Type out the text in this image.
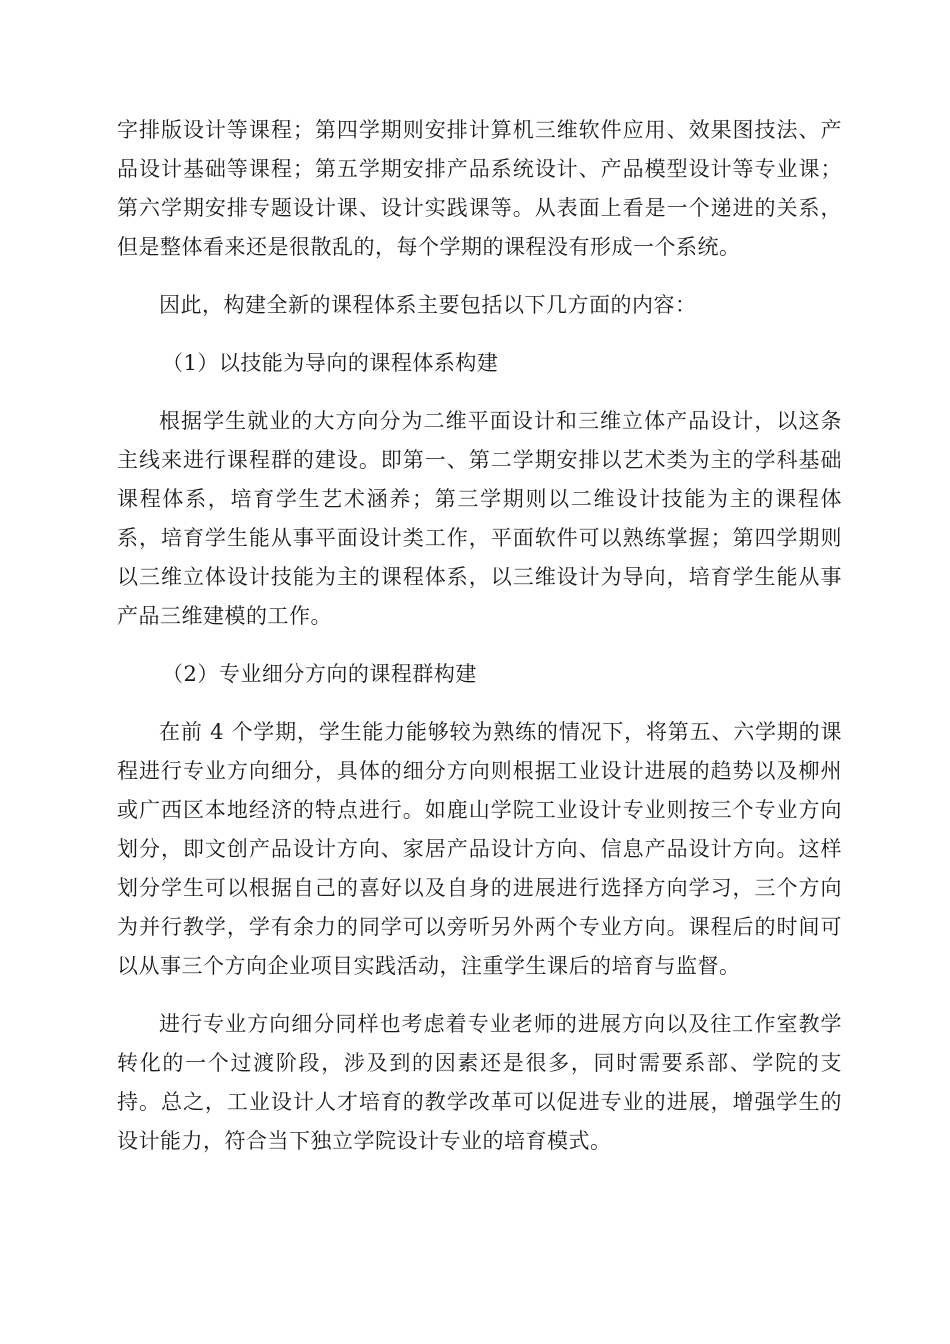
字排版设计等课程；第四学期则安排计算机三维软件应用、效果图技法、产品设计基础等课程；第五学期安排产品系统设计、产品模型设计等专业课；第六学期安排专题设计课、设计实践课等。从表面上看是一个递进的关系，但是整体看来还是很散乱的，每个学期的课程没有形成一个系统。

因此，构建全新的课程体系主要包括以下几方面的内容：

（1）以技能为导向的课程体系构建

根据学生就业的大方向分为二维平面设计和三维立体产品设计，以这条主线来进行课程群的建设。即第一、第二学期安排以艺术类为主的学科基础课程体系，培育学生艺术涵养；第三学期则以二维设计技能为主的课程体系，培育学生能从事平面设计类工作，平面软件可以熟练掌握；第四学期则以三维立体设计技能为主的课程体系，以三维设计为导向，培育学生能从事产品三维建模的工作。

（2）专业细分方向的课程群构建

在前 4 个学期，学生能力能够较为熟练的情况下，将第五、六学期的课程进行专业方向细分，具体的细分方向则根据工业设计进展的趋势以及柳州或广西区本地经济的特点进行。如鹿山学院工业设计专业则按三个专业方向划分，即文创产品设计方向、家居产品设计方向、信息产品设计方向。这样划分学生可以根据自己的喜好以及自身的进展进行选择方向学习，三个方向为并行教学，学有余力的同学可以旁听另外两个专业方向。课程后的时间可以从事三个方向企业项目实践活动，注重学生课后的培育与监督。

进行专业方向细分同样也考虑着专业老师的进展方向以及往工作室教学转化的一个过渡阶段，涉及到的因素还是很多，同时需要系部、学院的支持。总之，工业设计人才培育的教学改革可以促进专业的进展，增强学生的设计能力，符合当下独立学院设计专业的培育模式。
